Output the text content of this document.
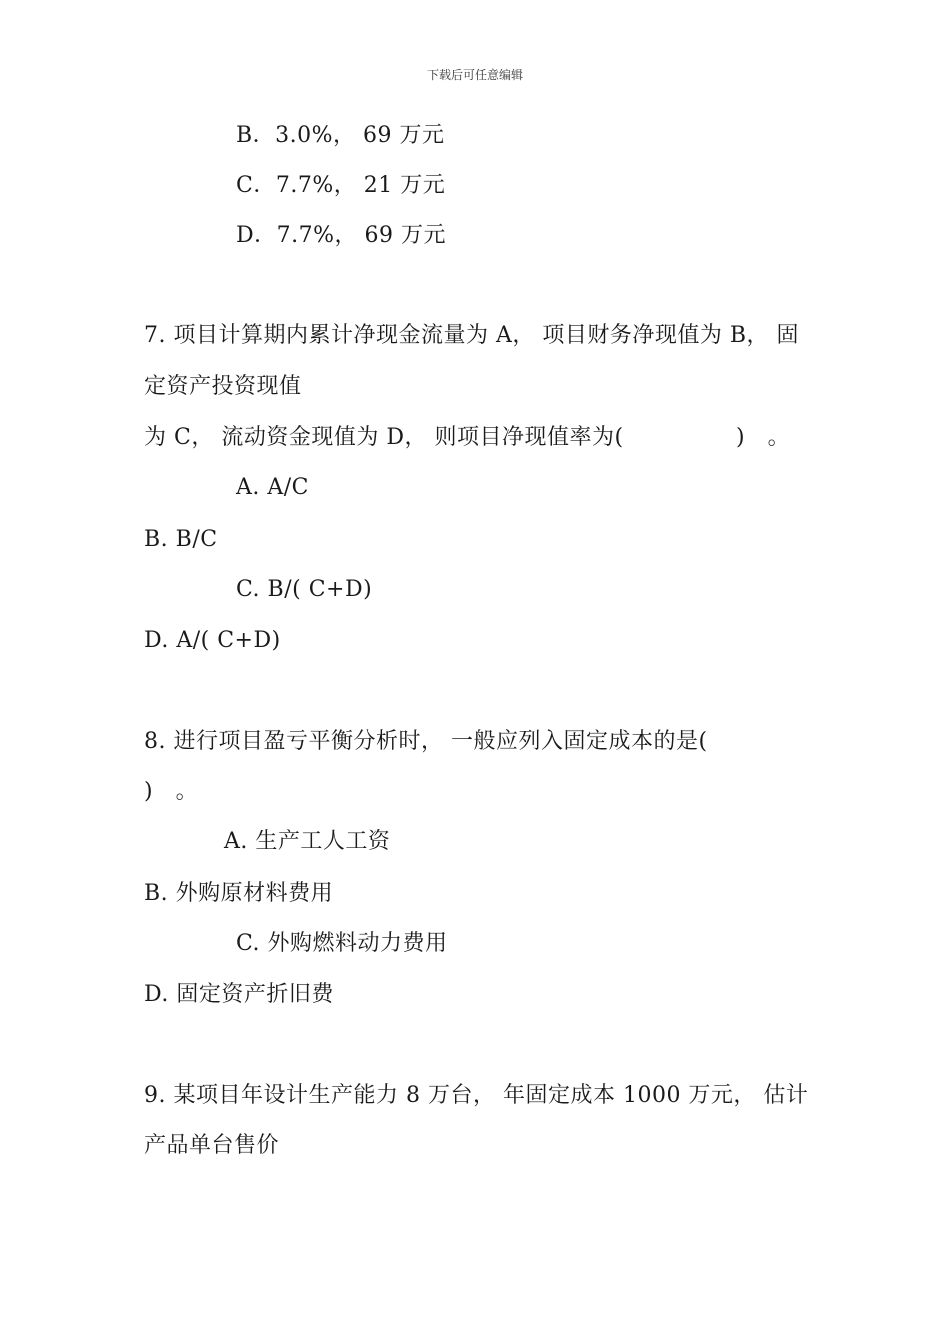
下载后可任意编辑
B．3.0%， 69 万元
C．7.7%， 21 万元
D．7.7%， 69 万元
7. 项目计算期内累计净现金流量为 A， 项目财务净现值为 B， 固
定资产投资现值
为 C， 流动资金现值为 D， 则项目净现值率为(　　　　　)　。
A. A/C
B. B/C
C. B/( C+D)
D. A/( C+D)
8. 进行项目盈亏平衡分析时， 一般应列入固定成本的是(
)　。
A. 生产工人工资
B. 外购原材料费用
C. 外购燃料动力费用
D. 固定资产折旧费
9. 某项目年设计生产能力 8 万台， 年固定成本 1000 万元， 估计
产品单台售价
